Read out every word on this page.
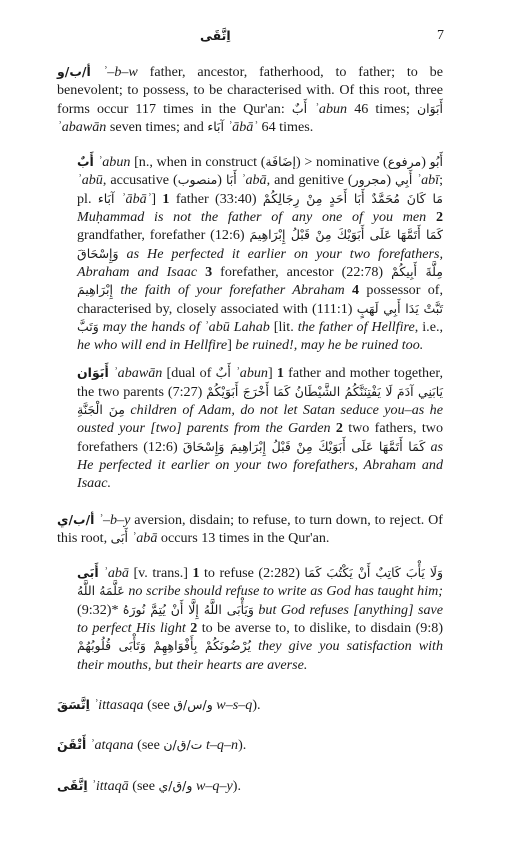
اِتَّقَى	7

أ/ب/و ʾ–b–w father, ancestor, fatherhood, to father; to be benevolent; to possess, to be characterised with. Of this root, three forms occur 117 times in the Qur'an: أَبٌ ʾabun 46 times; أَبَوَان ʾabawān seven times; and آبَاء ʾābāʾ 64 times.

أَبٌ ʾabun [n., when in construct (إضَافَة) > nominative (مرفوع) أَبُو ʾabū, accusative (منصوب) أَبَا ʾabā, and genitive (مجرور) أَبِي ʾabī; pl. آبَاء ʾābāʾ] 1 father (33:40) مَا كَانَ مُحَمَّدٌ أَبَا أَحَدٍ مِنْ رِجَالِكُمْ Muḥammad is not the father of any one of you men 2 grandfather, forefather (12:6) كَمَا أَتَمَّهَا عَلَى أَبَوَيْكَ مِنْ قَبْلُ إِبْرَاهِيمَ وَإِسْحَاقَ as He perfected it earlier on your two forefathers, Abraham and Isaac 3 forefather, ancestor (22:78) مِلَّةَ أَبِيكُمْ إِبْرَاهِيمَ the faith of your forefather Abraham 4 possessor of, characterised by, closely associated with (111:1) تَبَّتْ يَدَا أَبِي لَهَبٍ وَتَبَّ may the hands of ʾabū Lahab [lit. the father of Hellfire, i.e., he who will end in Hellfire] be ruined!, may he be ruined too.

أَبَوَان ʾabawān [dual of أَبٌ ʾabun] 1 father and mother together, the two parents (7:27) يَابَنِي آدَمَ لَا يَفْتِنَنَّكُمُ الشَّيْطَانُ كَمَا أَخْرَجَ أَبَوَيْكُمْ مِنَ الْجَنَّةِ children of Adam, do not let Satan seduce you–as he ousted your [two] parents from the Garden 2 two fathers, two forefathers (12:6) كَمَا أَتَمَّهَا عَلَى أَبَوَيْكَ مِنْ قَبْلُ إِبْرَاهِيمَ وَإِسْحَاقَ as He perfected it earlier on your two forefathers, Abraham and Isaac.

أ/ب/ي ʾ–b–y aversion, disdain; to refuse, to turn down, to reject. Of this root, أَبَى ʾabā occurs 13 times in the Qur'an.

أَبَى ʾabā [v. trans.] 1 to refuse (2:282) وَلَا يَأْبَ كَاتِبٌ أَنْ يَكْتُبَ كَمَا عَلَّمَهُ اللَّهُ no scribe should refuse to write as God has taught him; وَيَأْبَى اللَّهُ إِلَّا أَنْ يُتِمَّ نُورَهُ *(9:32) but God refuses [anything] save to perfect His light 2 to be averse to, to dislike, to disdain (9:8) يُرْضُونَكُمْ بِأَفْوَاهِهِمْ وَتَأْبَى قُلُوبُهُمْ they give you satisfaction with their mouths, but their hearts are averse.

اِتَّسَقَ ʾittasaqa (see و/س/ق w–s–q).

أَتْقَنَ ʾatqana (see ت/ق/ن t–q–n).

اِتَّقَى ʾittaqā (see و/ق/ي w–q–y).
